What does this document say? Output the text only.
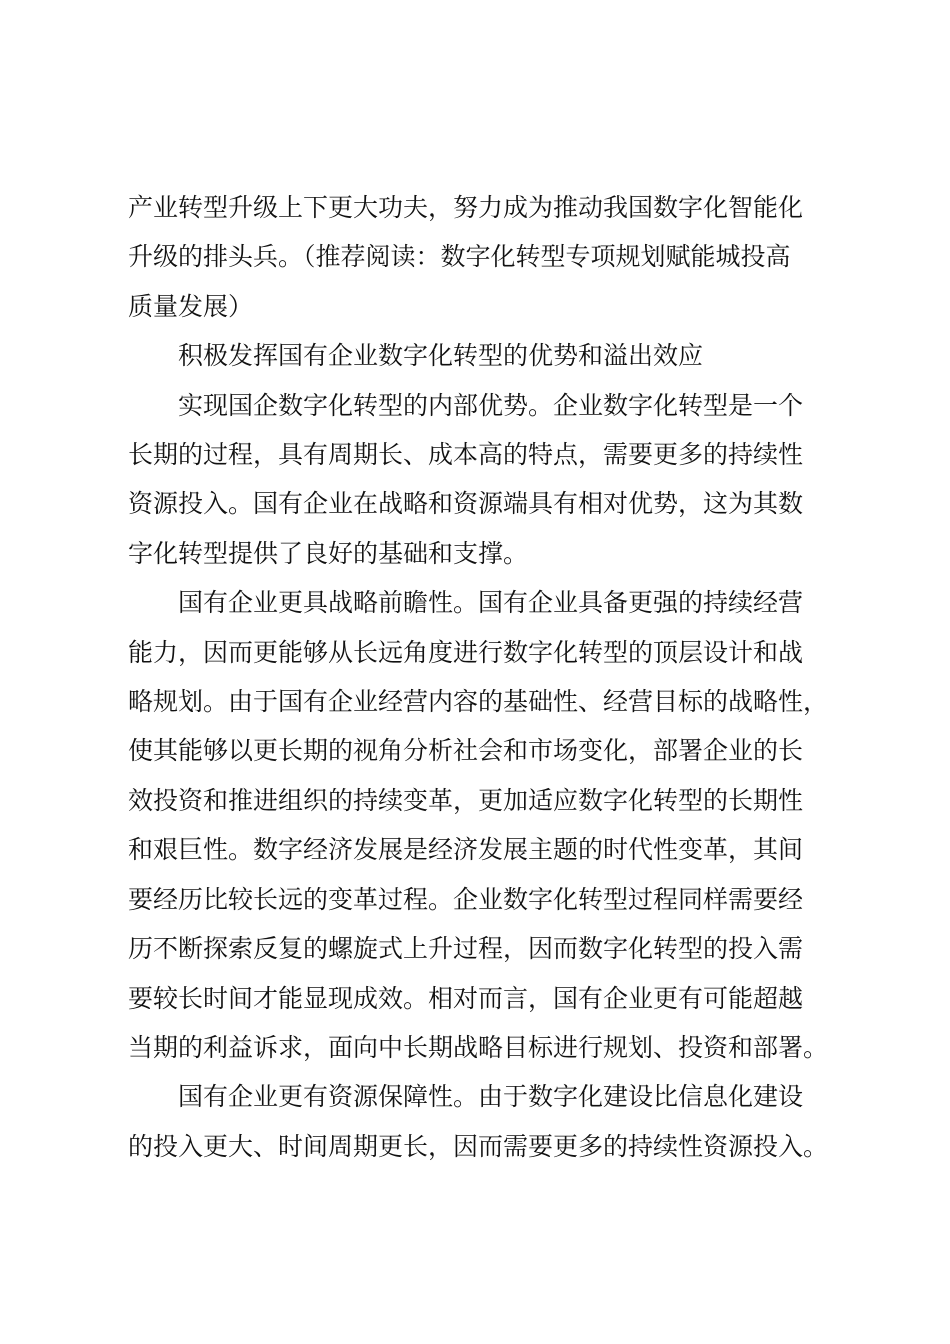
产业转型升级上下更大功夫，努力成为推动我国数字化智能化
升级的排头兵。（推荐阅读：数字化转型专项规划赋能城投高
质量发展）

　　积极发挥国有企业数字化转型的优势和溢出效应

　　实现国企数字化转型的内部优势。企业数字化转型是一个
长期的过程，具有周期长、成本高的特点，需要更多的持续性
资源投入。国有企业在战略和资源端具有相对优势，这为其数
字化转型提供了良好的基础和支撑。

　　国有企业更具战略前瞻性。国有企业具备更强的持续经营
能力，因而更能够从长远角度进行数字化转型的顶层设计和战
略规划。由于国有企业经营内容的基础性、经营目标的战略性，
使其能够以更长期的视角分析社会和市场变化，部署企业的长
效投资和推进组织的持续变革，更加适应数字化转型的长期性
和艰巨性。数字经济发展是经济发展主题的时代性变革，其间
要经历比较长远的变革过程。企业数字化转型过程同样需要经
历不断探索反复的螺旋式上升过程，因而数字化转型的投入需
要较长时间才能显现成效。相对而言，国有企业更有可能超越
当期的利益诉求，面向中长期战略目标进行规划、投资和部署。

　　国有企业更有资源保障性。由于数字化建设比信息化建设
的投入更大、时间周期更长，因而需要更多的持续性资源投入。
